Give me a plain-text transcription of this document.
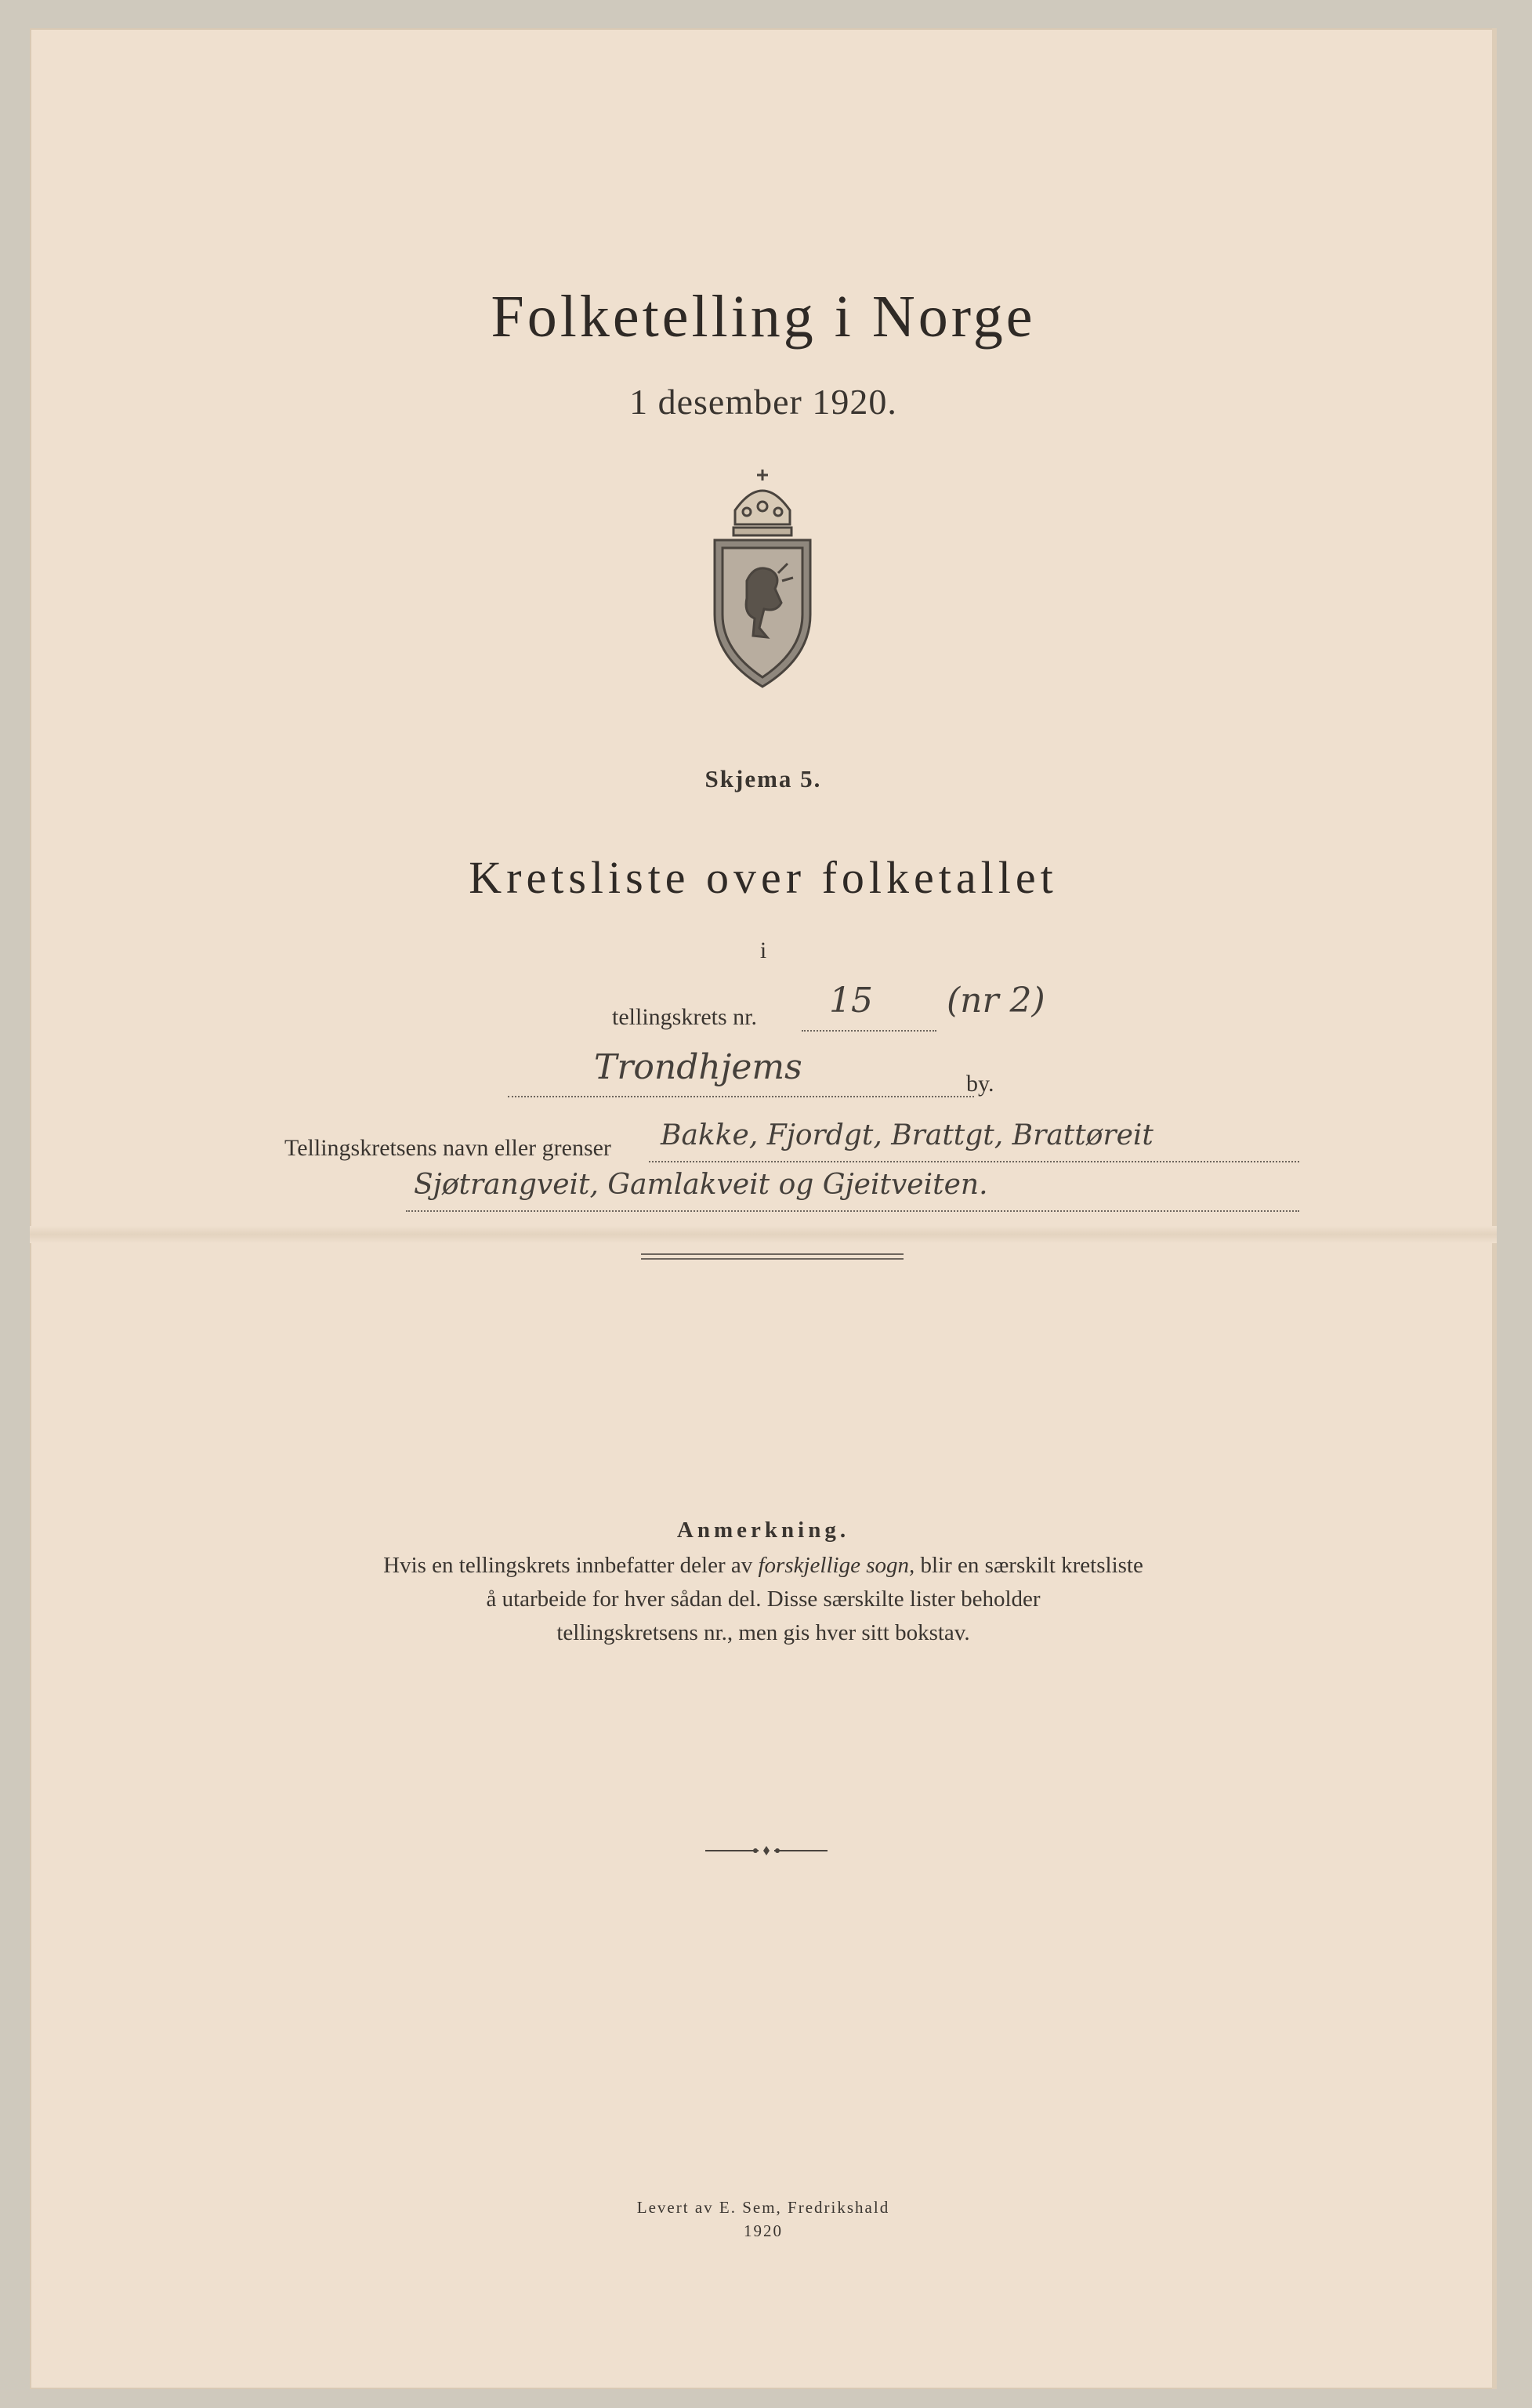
Folketelling i Norge
1 desember 1920.
Skjema 5.
Kretsliste over folketallet
i
tellingskrets nr. 15 (nr 2)
Trondhjems	by.
Tellingskretsens navn eller grenser Bakke, Fjordgt, Brattgt, Brattøreit
Sjøtrangveit, Gamlakveit og Gjeitveiten.
Anmerkning.
Hvis en tellingskrets innbefatter deler av forskjellige sogn, blir en særskilt kretsliste
å utarbeide for hver sådan del. Disse særskilte lister beholder
tellingskretsens nr., men gis hver sitt bokstav.
Levert av E. Sem, Fredrikshald
1920
